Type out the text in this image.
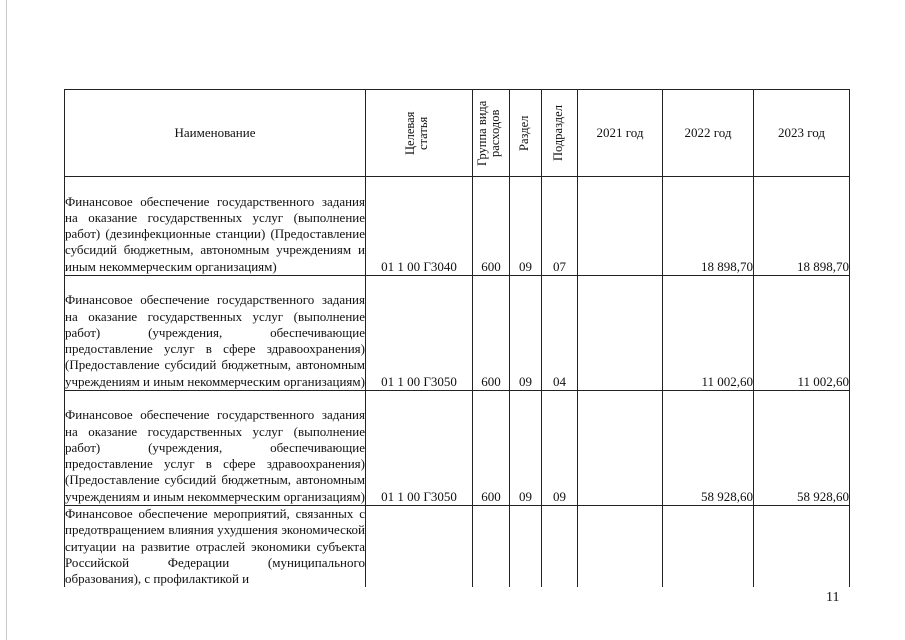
Наименование	Целевая статья	Группа вида расходов	Раздел	Подраздел	2021 год	2022 год	2023 год
Финансовое обеспечение государственного задания на оказание государственных услуг (выполнение работ) (дезинфекционные станции) (Предоставление субсидий бюджетным, автономным учреждениям и иным некоммерческим организациям)	01 1 00 Г3040	600	09	07		18 898,70	18 898,70
Финансовое обеспечение государственного задания на оказание государственных услуг (выполнение работ) (учреждения, обеспечивающие предоставление услуг в сфере здравоохранения) (Предоставление субсидий бюджетным, автономным учреждениям и иным некоммерческим организациям)	01 1 00 Г3050	600	09	04		11 002,60	11 002,60
Финансовое обеспечение государственного задания на оказание государственных услуг (выполнение работ) (учреждения, обеспечивающие предоставление услуг в сфере здравоохранения) (Предоставление субсидий бюджетным, автономным учреждениям и иным некоммерческим организациям)	01 1 00 Г3050	600	09	09		58 928,60	58 928,60
Финансовое обеспечение мероприятий, связанных с предотвращением влияния ухудшения экономической ситуации на развитие отраслей экономики субъекта Российской Федерации (муниципального образования), с профилактикой и							
11
